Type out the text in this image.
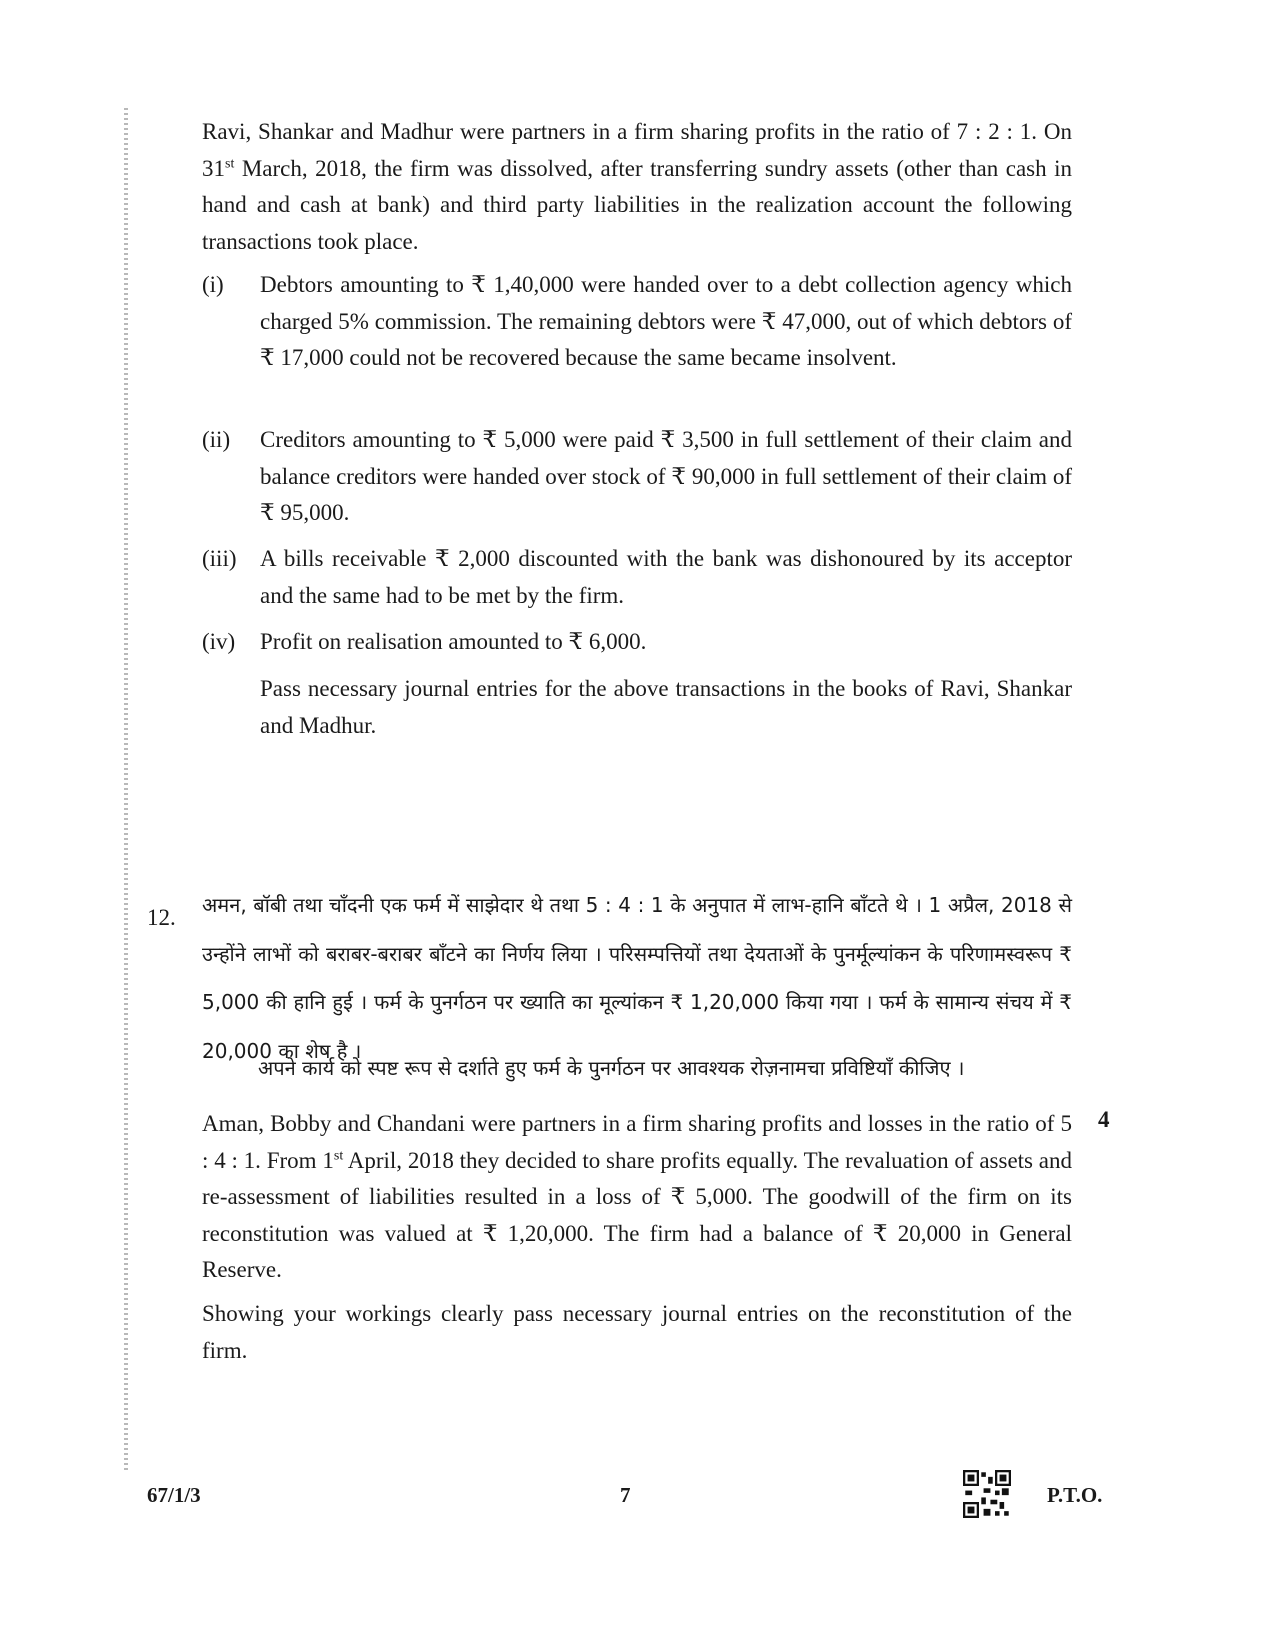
Ravi, Shankar and Madhur were partners in a firm sharing profits in the ratio of 7 : 2 : 1. On 31st March, 2018, the firm was dissolved, after transferring sundry assets (other than cash in hand and cash at bank) and third party liabilities in the realization account the following transactions took place.

(i) Debtors amounting to ₹ 1,40,000 were handed over to a debt collection agency which charged 5% commission. The remaining debtors were ₹ 47,000, out of which debtors of ₹ 17,000 could not be recovered because the same became insolvent.
(ii) Creditors amounting to ₹ 5,000 were paid ₹ 3,500 in full settlement of their claim and balance creditors were handed over stock of ₹ 90,000 in full settlement of their claim of ₹ 95,000.
(iii) A bills receivable ₹ 2,000 discounted with the bank was dishonoured by its acceptor and the same had to be met by the firm.
(iv) Profit on realisation amounted to ₹ 6,000.
Pass necessary journal entries for the above transactions in the books of Ravi, Shankar and Madhur.
12. अमन, बॉबी तथा चाँदनी एक फर्म में साझेदार थे तथा 5 : 4 : 1 के अनुपात में लाभ-हानि बाँटते थे । 1 अप्रैल, 2018 से उन्होंने लाभों को बराबर-बराबर बाँटने का निर्णय लिया । परिसम्पत्तियों तथा देयताओं के पुनर्मूल्यांकन के परिणामस्वरूप ₹ 5,000 की हानि हुई । फर्म के पुनर्गठन पर ख्याति का मूल्यांकन ₹ 1,20,000 किया गया । फर्म के सामान्य संचय में ₹ 20,000 का शेष है ।

अपने कार्य को स्पष्ट रूप से दर्शाते हुए फर्म के पुनर्गठन पर आवश्यक रोज़नामचा प्रविष्टियाँ कीजिए ।

4

Aman, Bobby and Chandani were partners in a firm sharing profits and losses in the ratio of 5 : 4 : 1. From 1st April, 2018 they decided to share profits equally. The revaluation of assets and re-assessment of liabilities resulted in a loss of ₹ 5,000. The goodwill of the firm on its reconstitution was valued at ₹ 1,20,000. The firm had a balance of ₹ 20,000 in General Reserve.

Showing your workings clearly pass necessary journal entries on the reconstitution of the firm.

67/1/3	7	P.T.O.
